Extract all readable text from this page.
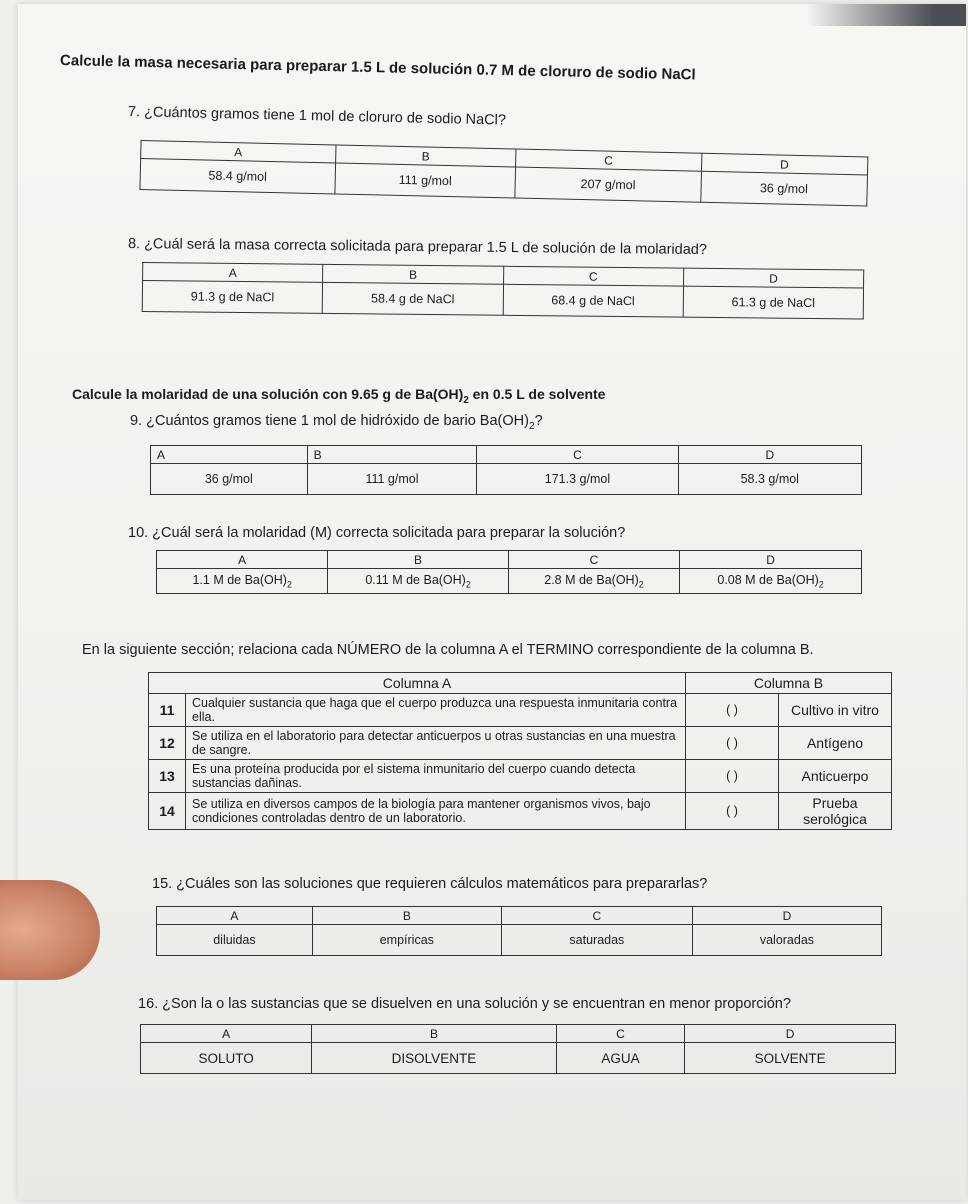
Calcule la masa necesaria para preparar 1.5 L de solución 0.7 M de cloruro de sodio NaCl
7. ¿Cuántos gramos tiene 1 mol de cloruro de sodio NaCl?
A	B	C	D
58.4 g/mol	111 g/mol	207 g/mol	36 g/mol
8. ¿Cuál será la masa correcta solicitada para preparar 1.5 L de solución de la molaridad?
A	B	C	D
91.3 g de NaCl	58.4 g de NaCl	68.4 g de NaCl	61.3 g de NaCl
Calcule la molaridad de una solución con 9.65 g de $Ba(OH)_2$ en 0.5 L de solvente
9. ¿Cuántos gramos tiene 1 mol de hidróxido de bario $Ba(OH)_2$?
A	B	C	D
36 g/mol	111 g/mol	171.3 g/mol	58.3 g/mol
10. ¿Cuál será la molaridad (M) correcta solicitada para preparar la solución?
A	B	C	D
1.1 M de $Ba(OH)_2$	0.11 M de $Ba(OH)_2$	2.8 M de $Ba(OH)_2$	0.08 M de $Ba(OH)_2$
En la siguiente sección; relaciona cada NÚMERO de la columna A el TERMINO correspondiente de la columna B.
Columna A		Columna B	
11	Cualquier sustancia que haga que el cuerpo produzca una respuesta inmunitaria contra ella.	( )	Cultivo in vitro
12	Se utiliza en el laboratorio para detectar anticuerpos u otras sustancias en una muestra de sangre.	( )	Antígeno
13	Es una proteína producida por el sistema inmunitario del cuerpo cuando detecta sustancias dañinas.	( )	Anticuerpo
14	Se utiliza en diversos campos de la biología para mantener organismos vivos, bajo condiciones controladas dentro de un laboratorio.	( )	Prueba serológica
15. ¿Cuáles son las soluciones que requieren cálculos matemáticos para prepararlas?
A	B	C	D
diluidas	empíricas	saturadas	valoradas
16. ¿Son la o las sustancias que se disuelven en una solución y se encuentran en menor proporción?
A	B	C	D
SOLUTO	DISOLVENTE	AGUA	SOLVENTE
